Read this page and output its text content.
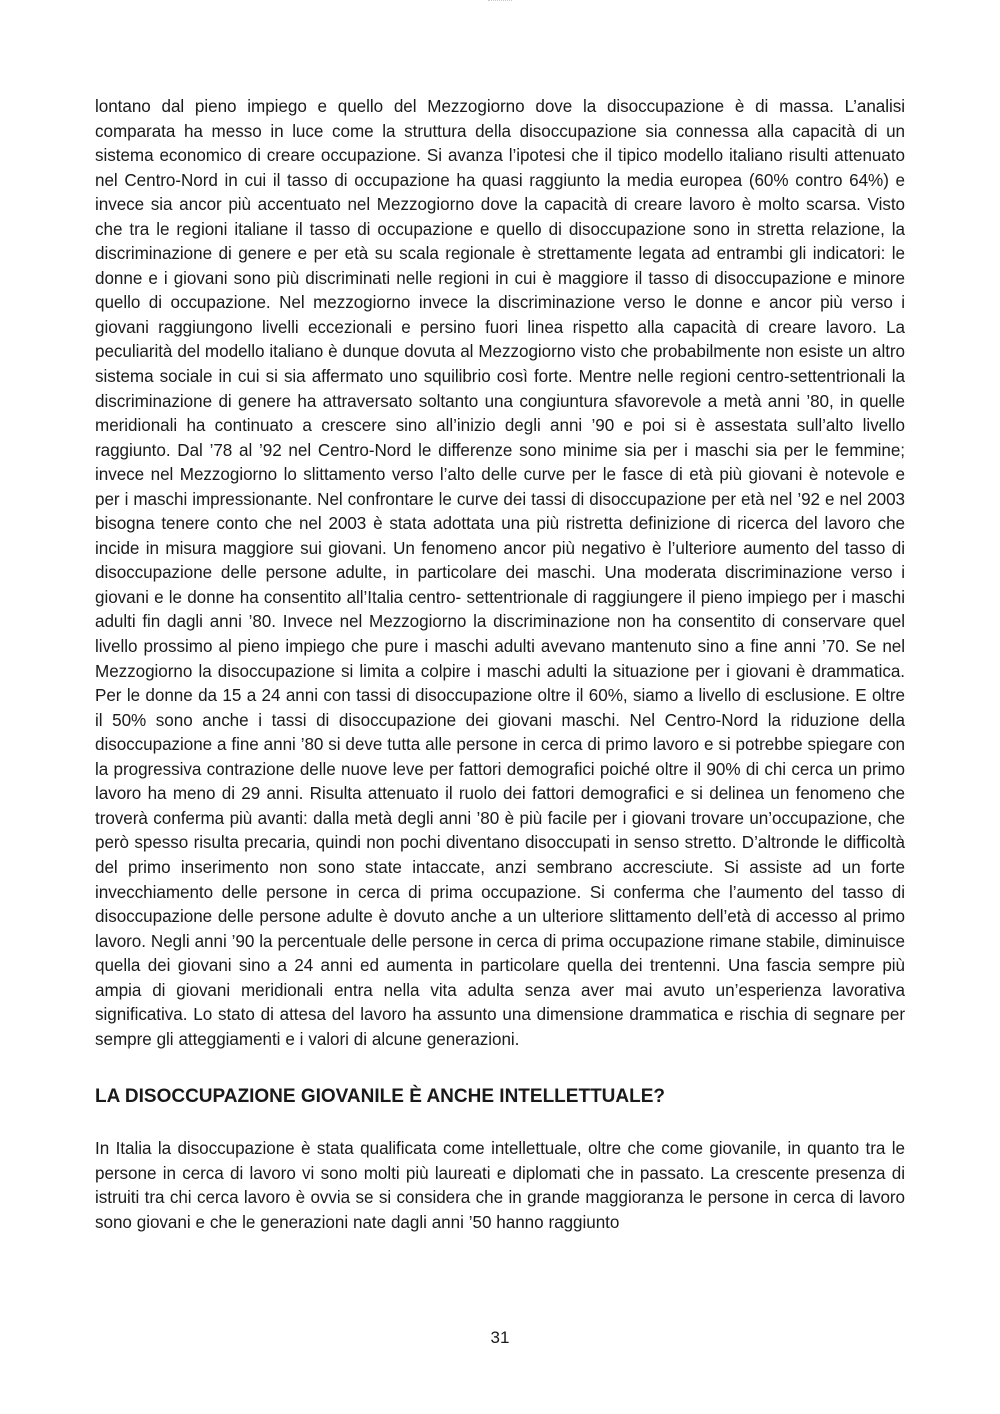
lontano dal pieno impiego e quello del Mezzogiorno dove la disoccupazione è di massa. L’analisi comparata ha messo in luce come la struttura della disoccupazione sia connessa alla capacità di un sistema economico di creare occupazione. Si avanza l’ipotesi che il tipico modello italiano risulti attenuato nel Centro-Nord in cui il tasso di occupazione ha quasi raggiunto la media europea (60% contro 64%) e invece sia ancor più accentuato nel Mezzogiorno dove la capacità di creare lavoro è molto scarsa. Visto che tra le regioni italiane il tasso di occupazione e quello di disoccupazione sono in stretta relazione, la discriminazione di genere e per età su scala regionale è strettamente legata ad entrambi gli indicatori: le donne e i giovani sono più discriminati nelle regioni in cui è maggiore il tasso di disoccupazione e minore quello di occupazione. Nel mezzogiorno invece la discriminazione verso le donne e ancor più verso i giovani raggiungono livelli eccezionali e persino fuori linea rispetto alla capacità di creare lavoro. La peculiarità del modello italiano è dunque dovuta al Mezzogiorno visto che probabilmente non esiste un altro sistema sociale in cui si sia affermato uno squilibrio così forte. Mentre nelle regioni centro-settentrionali la discriminazione di genere ha attraversato soltanto una congiuntura sfavorevole a metà anni ’80, in quelle meridionali ha continuato a crescere sino all’inizio degli anni ’90 e poi si è assestata sull’alto livello raggiunto. Dal ’78 al ’92 nel Centro-Nord le differenze sono minime sia per i maschi sia per le femmine; invece nel Mezzogiorno lo slittamento verso l’alto delle curve per le fasce di età più giovani è notevole e per i maschi impressionante. Nel confrontare le curve dei tassi di disoccupazione per età nel ’92 e nel 2003 bisogna tenere conto che nel 2003 è stata adottata una più ristretta definizione di ricerca del lavoro che incide in misura maggiore sui giovani. Un fenomeno ancor più negativo è l’ulteriore aumento del tasso di disoccupazione delle persone adulte, in particolare dei maschi. Una moderata discriminazione verso i giovani e le donne ha consentito all’Italia centro- settentrionale di raggiungere il pieno impiego per i maschi adulti fin dagli anni ’80. Invece nel Mezzogiorno la discriminazione non ha consentito di conservare quel livello prossimo al pieno impiego che pure i maschi adulti avevano mantenuto sino a fine anni ’70. Se nel Mezzogiorno la disoccupazione si limita a colpire i maschi adulti la situazione per i giovani è drammatica. Per le donne da 15 a 24 anni con tassi di disoccupazione oltre il 60%, siamo a livello di esclusione. E oltre il 50% sono anche i tassi di disoccupazione dei giovani maschi. Nel Centro-Nord la riduzione della disoccupazione a fine anni ’80 si deve tutta alle persone in cerca di primo lavoro e si potrebbe spiegare con la progressiva contrazione delle nuove leve per fattori demografici poiché oltre il 90% di chi cerca un primo lavoro ha meno di 29 anni. Risulta attenuato il ruolo dei fattori demografici e si delinea un fenomeno che troverà conferma più avanti: dalla metà degli anni ’80 è più facile per i giovani trovare un’occupazione, che però spesso risulta precaria, quindi non pochi diventano disoccupati in senso stretto. D’altronde le difficoltà del primo inserimento non sono state intaccate, anzi sembrano accresciute. Si assiste ad un forte invecchiamento delle persone in cerca di prima occupazione. Si conferma che l’aumento del tasso di disoccupazione delle persone adulte è dovuto anche a un ulteriore slittamento dell’età di accesso al primo lavoro. Negli anni ’90 la percentuale delle persone in cerca di prima occupazione rimane stabile, diminuisce quella dei giovani sino a 24 anni ed aumenta in particolare quella dei trentenni. Una fascia sempre più ampia di giovani meridionali entra nella vita adulta senza aver mai avuto un’esperienza lavorativa significativa. Lo stato di attesa del lavoro ha assunto una dimensione drammatica e rischia di segnare per sempre gli atteggiamenti e i valori di alcune generazioni.

LA DISOCCUPAZIONE GIOVANILE È ANCHE INTELLETTUALE?

In Italia la disoccupazione è stata qualificata come intellettuale, oltre che come giovanile, in quanto tra le persone in cerca di lavoro vi sono molti più laureati e diplomati che in passato. La crescente presenza di istruiti tra chi cerca lavoro è ovvia se si considera che in grande maggioranza le persone in cerca di lavoro sono giovani e che le generazioni nate dagli anni ’50 hanno raggiunto

31
